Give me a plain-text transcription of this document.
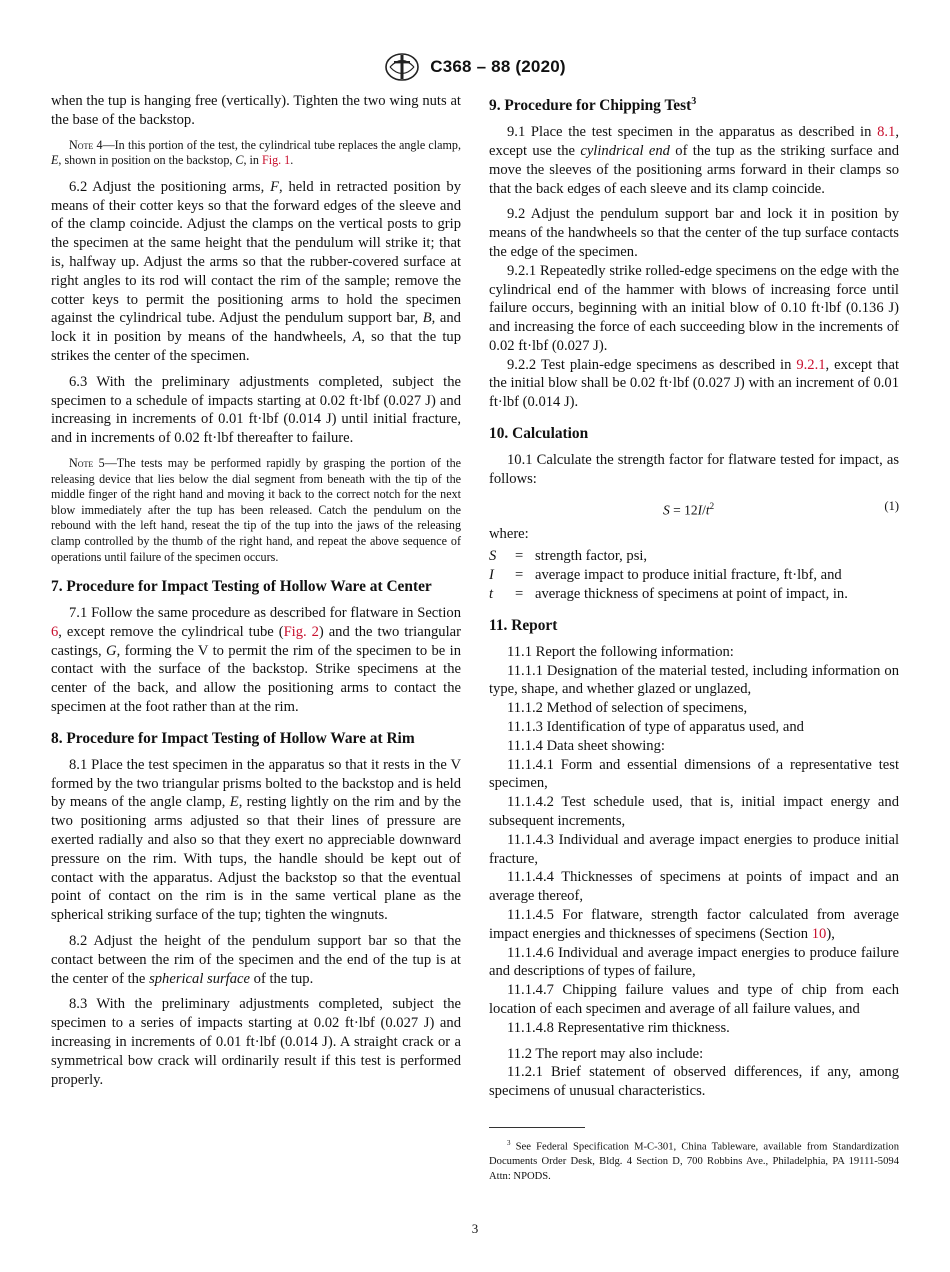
C368 – 88 (2020)

when the tup is hanging free (vertically). Tighten the two wing nuts at the base of the backstop.

Note 4—In this portion of the test, the cylindrical tube replaces the angle clamp, E, shown in position on the backstop, C, in Fig. 1.

6.2 Adjust the positioning arms, F, held in retracted position by means of their cotter keys so that the forward edges of the sleeve and of the clamp coincide. Adjust the clamps on the vertical posts to grip the specimen at the same height that the pendulum will strike it; that is, halfway up. Adjust the arms so that the rubber-covered surface at right angles to its rod will contact the rim of the sample; remove the cotter keys to permit the positioning arms to hold the specimen against the cylindrical tube. Adjust the pendulum support bar, B, and lock it in position by means of the handwheels, A, so that the tup strikes the center of the specimen.

6.3 With the preliminary adjustments completed, subject the specimen to a schedule of impacts starting at 0.02 ft·lbf (0.027 J) and increasing in increments of 0.01 ft·lbf (0.014 J) until initial fracture, and in increments of 0.02 ft·lbf thereafter to failure.

Note 5—The tests may be performed rapidly by grasping the portion of the releasing device that lies below the dial segment from beneath with the tip of the middle finger of the right hand and moving it back to the correct notch for the next blow immediately after the tup has been released. Catch the pendulum on the rebound with the left hand, reseat the tip of the tup into the jaws of the releasing clamp controlled by the thumb of the right hand, and repeat the above sequence of operations until failure of the specimen occurs.
7. Procedure for Impact Testing of Hollow Ware at Center

7.1 Follow the same procedure as described for flatware in Section 6, except remove the cylindrical tube (Fig. 2) and the two triangular castings, G, forming the V to permit the rim of the specimen to be in contact with the surface of the backstop. Strike specimens at the center of the back, and allow the positioning arms to contact the specimen at the foot rather than at the rim.

8. Procedure for Impact Testing of Hollow Ware at Rim

8.1 Place the test specimen in the apparatus so that it rests in the V formed by the two triangular prisms bolted to the backstop and is held by means of the angle clamp, E, resting lightly on the rim and by the two positioning arms adjusted so that their lines of pressure are exerted radially and also so that they exert no appreciable downward pressure on the rim. With tups, the handle should be kept out of contact with the apparatus. Adjust the backstop so that the eventual point of contact on the rim is in the same vertical plane as the spherical striking surface of the tup; tighten the wingnuts.

8.2 Adjust the height of the pendulum support bar so that the contact between the rim of the specimen and the end of the tup is at the center of the spherical surface of the tup.

8.3 With the preliminary adjustments completed, subject the specimen to a series of impacts starting at 0.02 ft·lbf (0.027 J) and increasing in increments of 0.01 ft·lbf (0.014 J). A straight crack or a symmetrical bow crack will ordinarily result if this test is performed properly.

9. Procedure for Chipping Test$^3$

9.1 Place the test specimen in the apparatus as described in 8.1, except use the cylindrical end of the tup as the striking surface and move the sleeves of the positioning arms forward in their clamps so that the back edges of each sleeve and its clamp coincide.

9.2 Adjust the pendulum support bar and lock it in position by means of the handwheels so that the center of the tup surface contacts the edge of the specimen.

9.2.1 Repeatedly strike rolled-edge specimens on the edge with the cylindrical end of the hammer with blows of increasing force until failure occurs, beginning with an initial blow of 0.10 ft·lbf (0.136 J) and increasing the force of each succeeding blow in the increments of 0.02 ft·lbf (0.027 J).

9.2.2 Test plain-edge specimens as described in 9.2.1, except that the initial blow shall be 0.02 ft·lbf (0.027 J) with an increment of 0.01 ft·lbf (0.014 J).

10. Calculation

10.1 Calculate the strength factor for flatware tested for impact, as follows:

$S = 12I/t^2$	(1)
where:
S	= strength factor, psi,
I	= average impact to produce initial fracture, ft·lbf, and
t	= average thickness of specimens at point of impact, in.
11. Report

11.1 Report the following information:

11.1.1 Designation of the material tested, including information on type, shape, and whether glazed or unglazed,

11.1.2 Method of selection of specimens,

11.1.3 Identification of type of apparatus used, and

11.1.4 Data sheet showing:

11.1.4.1 Form and essential dimensions of a representative test specimen,

11.1.4.2 Test schedule used, that is, initial impact energy and subsequent increments,

11.1.4.3 Individual and average impact energies to produce initial fracture,

11.1.4.4 Thicknesses of specimens at points of impact and an average thereof,

11.1.4.5 For flatware, strength factor calculated from average impact energies and thicknesses of specimens (Section 10),

11.1.4.6 Individual and average impact energies to produce failure and descriptions of types of failure,

11.1.4.7 Chipping failure values and type of chip from each location of each specimen and average of all failure values, and

11.1.4.8 Representative rim thickness.

11.2 The report may also include:

11.2.1 Brief statement of observed differences, if any, among specimens of unusual characteristics.

$^3$ See Federal Specification M-C-301, China Tableware, available from Standardization Documents Order Desk, Bldg. 4 Section D, 700 Robbins Ave., Philadelphia, PA 19111-5094 Attn: NPODS.
3
